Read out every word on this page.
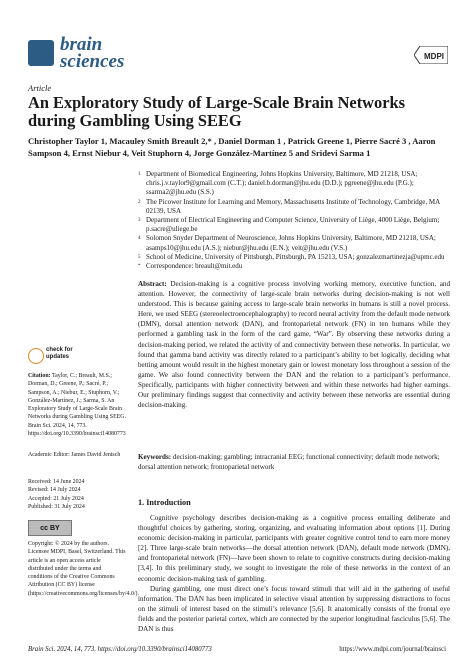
brain
sciences	MDPI
Article
An Exploratory Study of Large-Scale Brain Networks during Gambling Using SEEG
Christopher Taylor 1, Macauley Smith Breault 2,* , Daniel Dorman 1 , Patrick Greene 1, Pierre Sacré 3 , Aaron Sampson 4, Ernst Niebur 4, Veit Stuphorn 4, Jorge González-Martínez 5 and Sridevi Sarma 1
1 Department of Biomedical Engineering, Johns Hopkins University, Baltimore, MD 21218, USA; chris.j.v.taylor9@gmail.com (C.T.); daniel.b.dorman@jhu.edu (D.D.); pgreene@jhu.edu (P.G.); ssarma2@jhu.edu (S.S.)
2 The Picower Institute for Learning and Memory, Massachusetts Institute of Technology, Cambridge, MA 02139, USA
3 Department of Electrical Engineering and Computer Science, University of Liège, 4000 Liège, Belgium; p.sacre@uliege.be
4 Solomon Snyder Department of Neuroscience, Johns Hopkins University, Baltimore, MD 21218, USA; asamps10@jhu.edu (A.S.); niebur@jhu.edu (E.N.); veit@jhu.edu (V.S.)
5 School of Medicine, University of Pittsburgh, Pittsburgh, PA 15213, USA; gonzalezmartinezja@upmc.edu
* Correspondence: breault@mit.edu
Abstract: Decision-making is a cognitive process involving working memory, executive function, and attention. However, the connectivity of large-scale brain networks during decision-making is not well understood. This is because gaining access to large-scale brain networks in humans is still a novel process. Here, we used SEEG (stereoelectroencephalography) to record neural activity from the default mode network (DMN), dorsal attention network (DAN), and frontoparietal network (FN) in ten humans while they performed a gambling task in the form of the card game, “War”. By observing these networks during a decision-making period, we related the activity of and connectivity between these networks. In particular, we found that gamma band activity was directly related to a participant’s ability to bet logically, deciding what betting amount would result in the highest monetary gain or lowest monetary loss throughout a session of the game. We also found connectivity between the DAN and the relation to a participant’s performance. Specifically, participants with higher connectivity between and within these networks had higher earnings. Our preliminary findings suggest that connectivity and activity between these networks are essential during decision-making.
Keywords: decision-making; gambling; intracranial EEG; functional connectivity; default mode network; dorsal attention network; frontoparietal network
1. Introduction

Cognitive psychology describes decision-making as a cognitive process entailing deliberate and thoughtful choices by gathering, storing, organizing, and evaluating information about options [1]. During economic decision-making in particular, participants with greater cognitive control tend to earn more money [2]. Three large-scale brain networks—the dorsal attention network (DAN), default mode network (DMN), and frontoparietal network (FN)—have been shown to relate to cognitive constructs during decision-making [3,4]. In this preliminary study, we sought to investigate the role of these networks in the context of an economic decision-making task of gambling.

During gambling, one must direct one’s focus toward stimuli that will aid in the gathering of useful information. The DAN has been implicated in selective visual attention by suppressing distractions to focus on the stimuli of interest based on the stimuli’s relevance [5,6]. It anatomically consists of the frontal eye fields and the posterior parietal cortex, which are connected by the superior longitudinal fasciculus [5,6]. The DAN is thus

check for
updates
Citation: Taylor, C.; Breault, M.S.; Dorman, D.; Greene, P.; Sacré, P.; Sampson, A.; Niebur, E.; Stuphorn, V.; González-Martínez, J.; Sarma, S. An Exploratory Study of Large-Scale Brain Networks during Gambling Using SEEG. Brain Sci. 2024, 14, 773. https://doi.org/10.3390/brainsci14080773
Academic Editor: James David Jentsch
Received: 14 June 2024
Revised: 14 July 2024
Accepted: 21 July 2024
Published: 31 July 2024
cc BY
Copyright: © 2024 by the authors. Licensee MDPI, Basel, Switzerland. This article is an open access article distributed under the terms and conditions of the Creative Commons Attribution (CC BY) license (https://creativecommons.org/licenses/by/4.0/).
Brain Sci. 2024, 14, 773. https://doi.org/10.3390/brainsci14080773	https://www.mdpi.com/journal/brainsci
